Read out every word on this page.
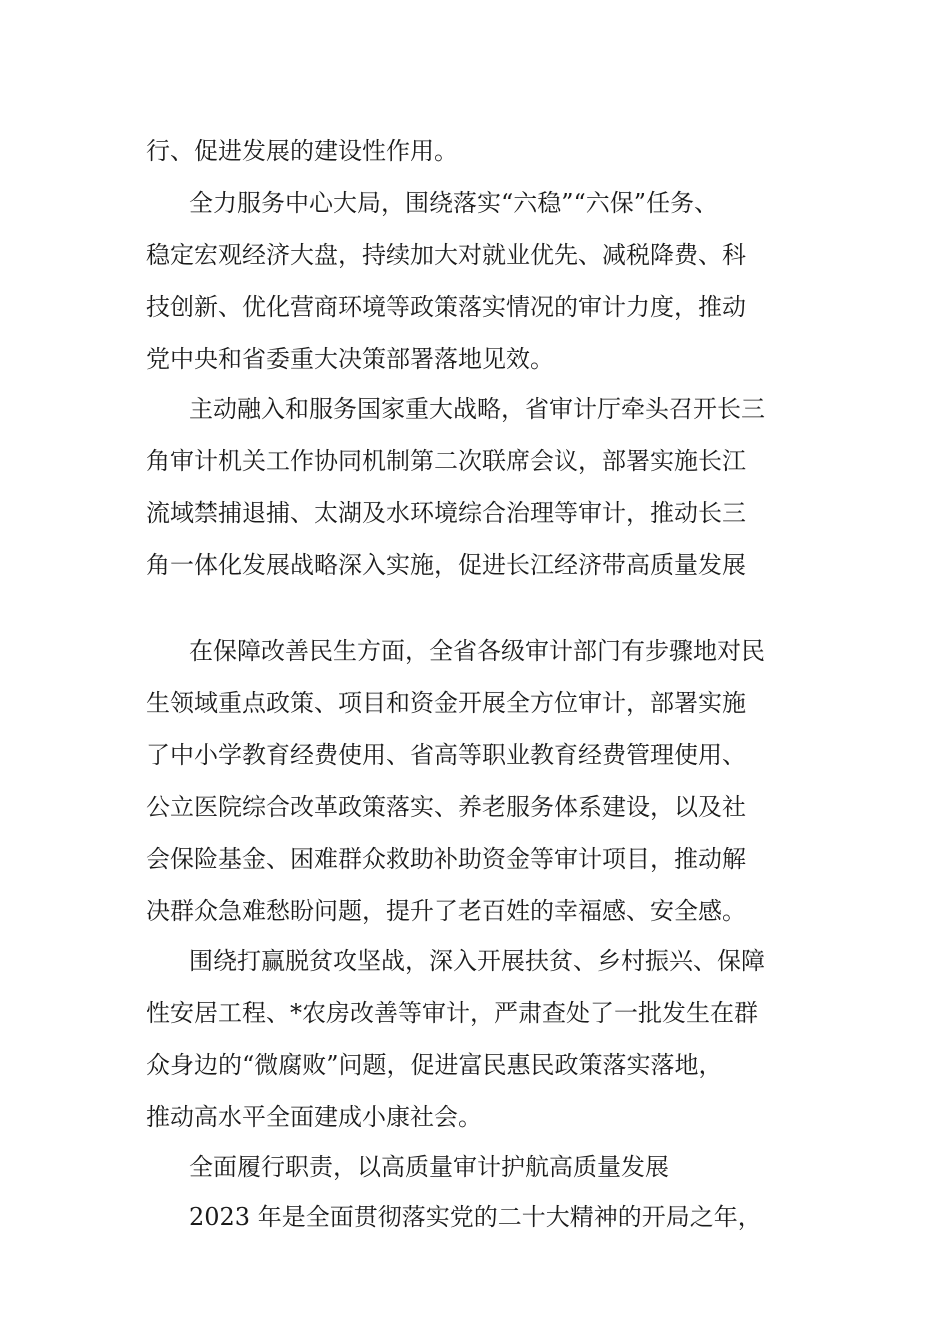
行、促进发展的建设性作用。
全力服务中心大局，围绕落实“六稳”“六保”任务、
稳定宏观经济大盘，持续加大对就业优先、减税降费、科
技创新、优化营商环境等政策落实情况的审计力度，推动
党中央和省委重大决策部署落地见效。
主动融入和服务国家重大战略，省审计厅牵头召开长三
角审计机关工作协同机制第二次联席会议，部署实施长江
流域禁捕退捕、太湖及水环境综合治理等审计，推动长三
角一体化发展战略深入实施，促进长江经济带高质量发展
在保障改善民生方面，全省各级审计部门有步骤地对民
生领域重点政策、项目和资金开展全方位审计，部署实施
了中小学教育经费使用、省高等职业教育经费管理使用、
公立医院综合改革政策落实、养老服务体系建设，以及社
会保险基金、困难群众救助补助资金等审计项目，推动解
决群众急难愁盼问题，提升了老百姓的幸福感、安全感。
围绕打赢脱贫攻坚战，深入开展扶贫、乡村振兴、保障
性安居工程、*农房改善等审计，严肃查处了一批发生在群
众身边的“微腐败”问题，促进富民惠民政策落实落地，
推动高水平全面建成小康社会。
全面履行职责，以高质量审计护航高质量发展
2023 年是全面贯彻落实党的二十大精神的开局之年，
